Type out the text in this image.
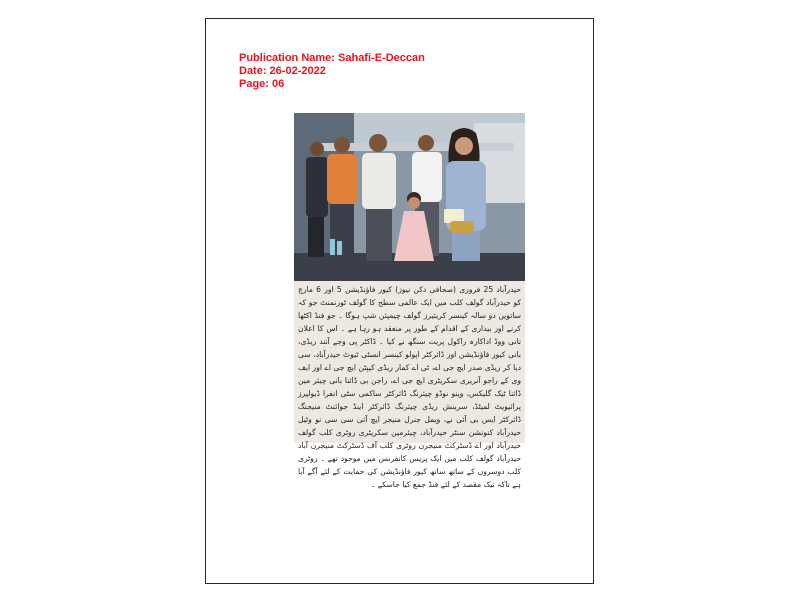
Publication Name: Sahafi-E-Deccan
Date: 26-02-2022
Page: 06
حیدرآباد 25 فروری (صحافی دکن نیوز) کیور فاؤنڈیشن 5 اور 6 مارچ کو حیدرآباد گولف کلب میں ایک عالمی سطح کا گولف ٹورنمنٹ جو کہ ساتویں دو سالہ کینسر کریئیرز گولف چیمپئن شپ ہوگا ۔ جو فنڈ اکٹھا کرنے اور بیداری کے اقدام کے طور پر منعقد ہو رہا ہے ۔ اس کا اعلان تانی ووڈ اداکارہ راکول پریت سنگھ نے کیا ۔ ڈاکٹر پی وجے آنند ریڈی، بانی کیور فاؤنڈیشن اور ڈائرکٹر اپولو کینسر انسٹی ٹیوٹ حیدرآباد، سی دیا کر ریڈی صدر ایچ جی اے، ٹی اے کمار ریڈی کیپٹن ایچ جی اے اور ایف وی کے راجو آنریری سکریٹری ایچ جی اے، راجن بی ڈائنا بانی چیئر مین ڈائنا ٹیک گلیکس، وینو نوڈو چیئرنگ ڈائرکٹر ساکمی سٹی انفرا ڈیولپرز پرائیویٹ لمیٹڈ، سرینش ریڈی چیئرنگ ڈائرکٹر اینڈ جوائنٹ منیجنگ ڈائرکٹر ایس بی آئی نے، ویمل جنرل منیجر ایچ آئی سی سی نو وٹیل حیدرآباد کنونشن سنٹر حیدرآباد، چیئرمین سکریٹری روٹری کلب گولف حیدرآباد اور اے ڈسٹرکٹ منیجرن روٹری کلب آف ڈسٹرکٹ منیجرن آباد حیدرآباد گولف کلب میں ایک پریس کانفرنس میں موجود تھے ۔ روٹری کلب دوسروں کے ساتھ ساتھ کیور فاؤنڈیشن کی حمایت کے لئے آگے آیا ہے تاکہ نیک مقصد کے لئے فنڈ جمع کیا جاسکے ۔
